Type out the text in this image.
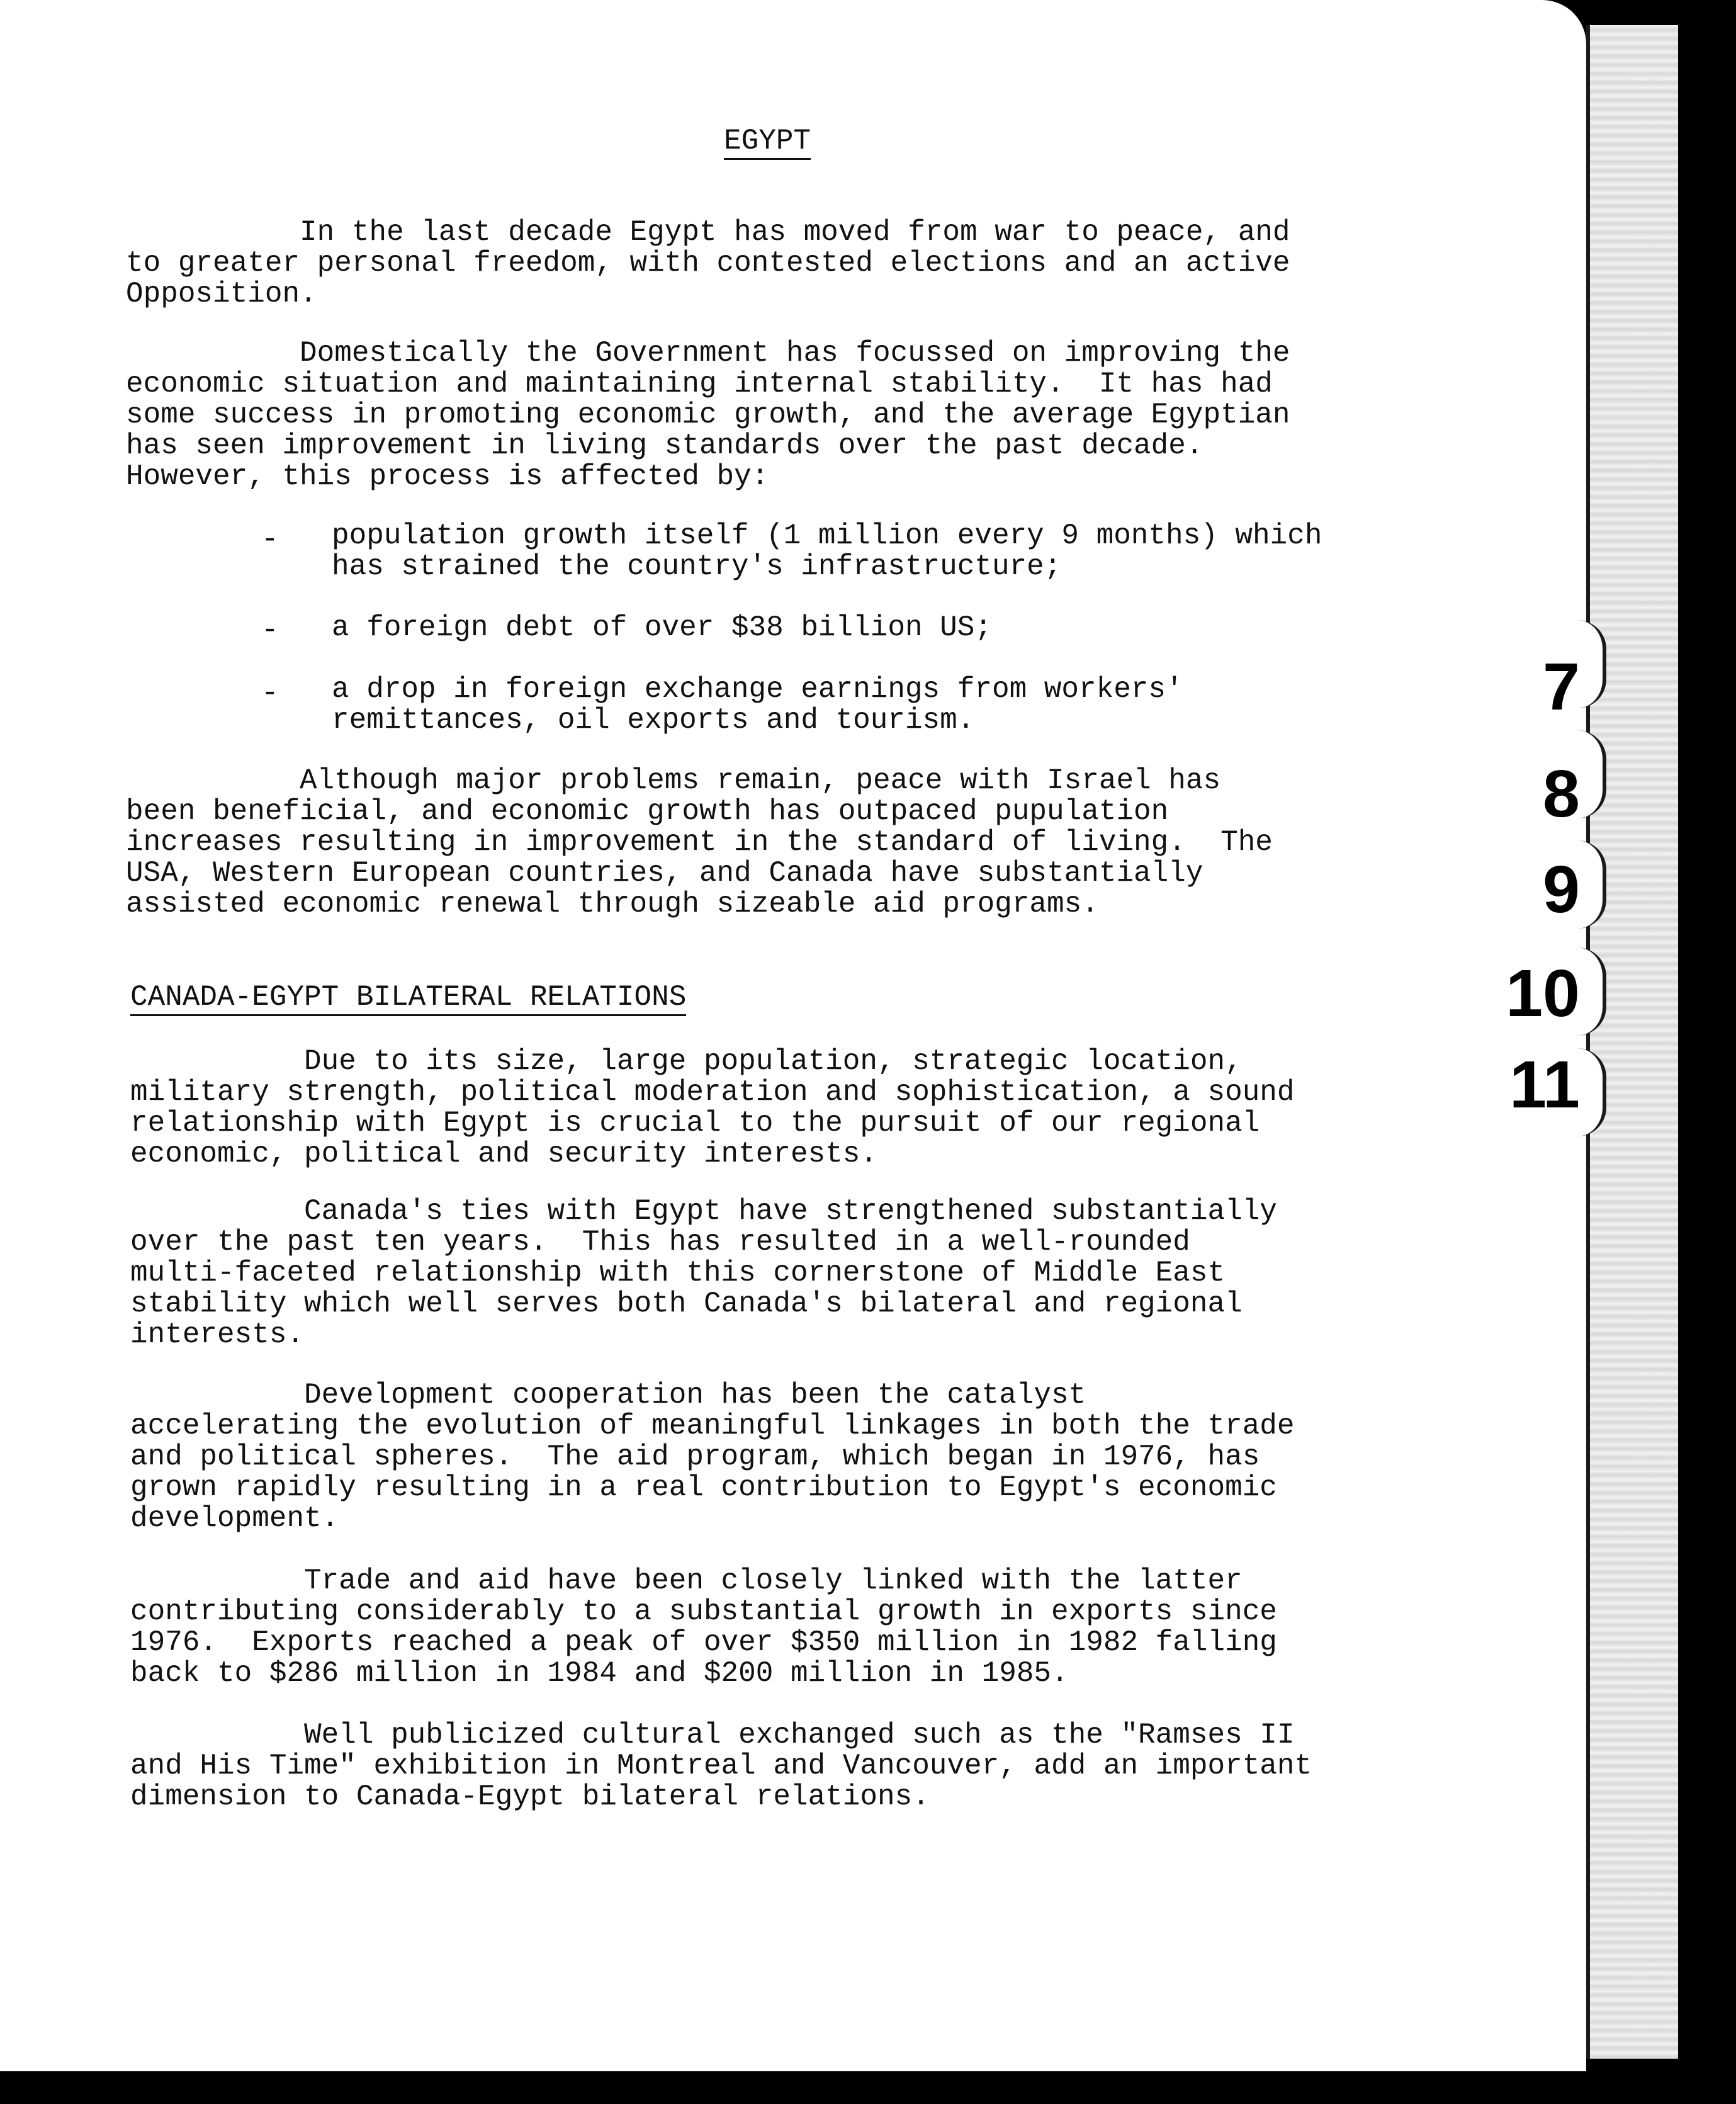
EGYPT
In the last decade Egypt has moved from war to peace, and
to greater personal freedom, with contested elections and an active
Opposition.
Domestically the Government has focussed on improving the
economic situation and maintaining internal stability.  It has had
some success in promoting economic growth, and the average Egyptian
has seen improvement in living standards over the past decade.
However, this process is affected by:
- population growth itself (1 million every 9 months) which
has strained the country's infrastructure;
- a foreign debt of over $38 billion US;
- a drop in foreign exchange earnings from workers'
remittances, oil exports and tourism.
Although major problems remain, peace with Israel has
been beneficial, and economic growth has outpaced pupulation
increases resulting in improvement in the standard of living.  The
USA, Western European countries, and Canada have substantially
assisted economic renewal through sizeable aid programs.
CANADA-EGYPT BILATERAL RELATIONS
Due to its size, large population, strategic location,
military strength, political moderation and sophistication, a sound
relationship with Egypt is crucial to the pursuit of our regional
economic, political and security interests.
Canada's ties with Egypt have strengthened substantially
over the past ten years.  This has resulted in a well-rounded
multi-faceted relationship with this cornerstone of Middle East
stability which well serves both Canada's bilateral and regional
interests.
Development cooperation has been the catalyst
accelerating the evolution of meaningful linkages in both the trade
and political spheres.  The aid program, which began in 1976, has
grown rapidly resulting in a real contribution to Egypt's economic
development.
Trade and aid have been closely linked with the latter
contributing considerably to a substantial growth in exports since
1976.  Exports reached a peak of over $350 million in 1982 falling
back to $286 million in 1984 and $200 million in 1985.
Well publicized cultural exchanged such as the "Ramses II
and His Time" exhibition in Montreal and Vancouver, add an important
dimension to Canada-Egypt bilateral relations.
7
8
9
10
11
